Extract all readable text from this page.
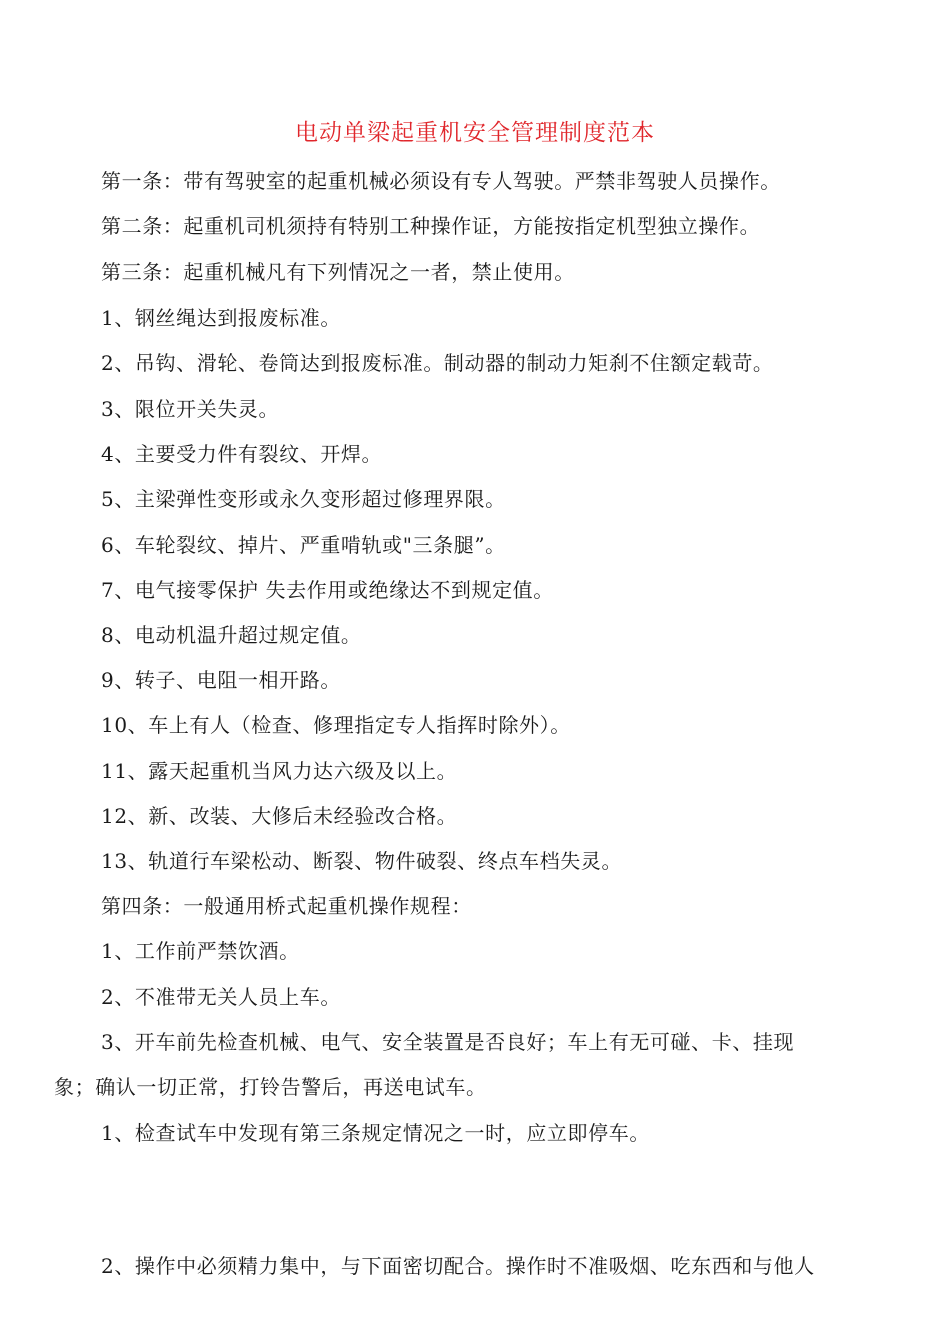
电动单梁起重机安全管理制度范本
第一条：带有驾驶室的起重机械必须设有专人驾驶。严禁非驾驶人员操作。
第二条：起重机司机须持有特别工种操作证，方能按指定机型独立操作。
第三条：起重机械凡有下列情况之一者，禁止使用。
1、钢丝绳达到报废标准。
2、吊钩、滑轮、卷筒达到报废标准。制动器的制动力矩刹不住额定载苛。
3、限位开关失灵。
4、主要受力件有裂纹、开焊。
5、主梁弹性变形或永久变形超过修理界限。
6、车轮裂纹、掉片、严重啃轨或"三条腿”。
7、电气接零保护 失去作用或绝缘达不到规定值。
8、电动机温升超过规定值。
9、转子、电阻一相开路。
10、车上有人（检查、修理指定专人指挥时除外）。
11、露天起重机当风力达六级及以上。
12、新、改装、大修后未经验改合格。
13、轨道行车梁松动、断裂、物件破裂、终点车档失灵。
第四条：一般通用桥式起重机操作规程：
1、工作前严禁饮酒。
2、不准带无关人员上车。
3、开车前先检查机械、电气、安全装置是否良好；车上有无可碰、卡、挂现
象；确认一切正常，打铃告警后，再送电试车。
1、检查试车中发现有第三条规定情况之一时，应立即停车。
2、操作中必须精力集中，与下面密切配合。操作时不准吸烟、吃东西和与他人
